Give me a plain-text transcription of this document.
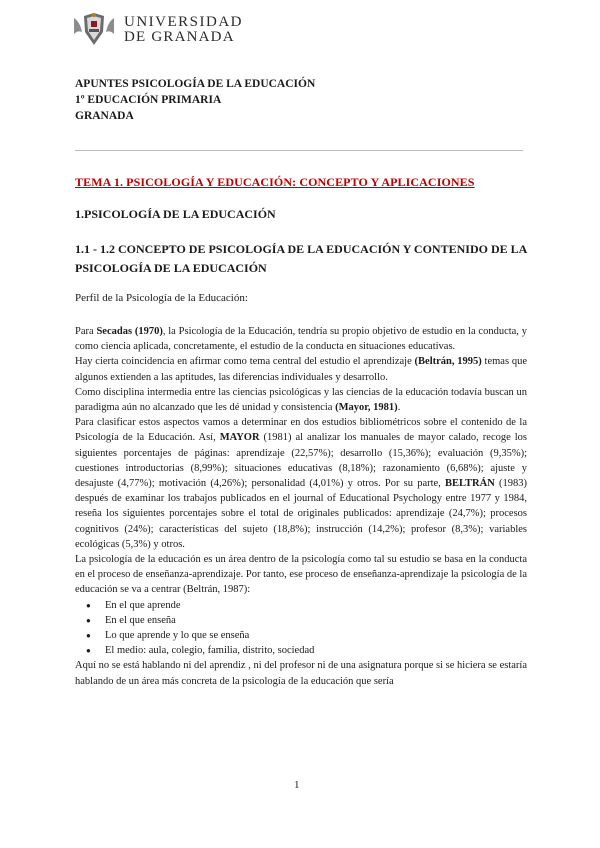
UNIVERSIDAD
DE GRANADA
APUNTES PSICOLOGÍA DE LA EDUCACIÓN
1º EDUCACIÓN PRIMARIA
GRANADA
TEMA 1. PSICOLOGÍA Y EDUCACIÓN: CONCEPTO Y APLICACIONES
1.PSICOLOGÍA DE LA EDUCACIÓN
1.1 - 1.2 CONCEPTO DE PSICOLOGÍA DE LA EDUCACIÓN Y CONTENIDO DE LA PSICOLOGÍA DE LA EDUCACIÓN
Perfil de la Psicología de la Educación:

Para Secadas (1970), la Psicología de la Educación, tendría su propio objetivo de estudio en la conducta, y como ciencia aplicada, concretamente, el estudio de la conducta en situaciones educativas.

Hay cierta coincidencia en afirmar como tema central del estudio el aprendizaje (Beltrán, 1995) temas que algunos extienden a las aptitudes, las diferencias individuales y desarrollo.

Como disciplina intermedia entre las ciencias psicológicas y las ciencias de la educación todavía buscan un paradigma aún no alcanzado que les dé unidad y consistencia (Mayor, 1981).

Para clasificar estos aspectos vamos a determinar en dos estudios bibliométricos sobre el contenido de la Psicología de la Educación. Así, MAYOR (1981) al analizar los manuales de mayor calado, recoge los siguientes porcentajes de páginas: aprendizaje (22,57%); desarrollo (15,36%); evaluación (9,35%); cuestiones introductorias (8,99%); situaciones educativas (8,18%); razonamiento (6,68%); ajuste y desajuste (4,77%); motivación (4,26%); personalidad (4,01%) y otros. Por su parte, BELTRÁN (1983) después de examinar los trabajos publicados en el journal of Educational Psychology entre 1977 y 1984, reseña los siguientes porcentajes sobre el total de originales publicados: aprendizaje (24,7%); procesos cognitivos (24%); características del sujeto (18,8%); instrucción (14,2%); profesor (8,3%); variables ecológicas (5,3%) y otros.

La psicología de la educación es un área dentro de la psicología como tal su estudio se basa en la conducta en el proceso de enseñanza-aprendizaje. Por tanto, ese proceso de enseñanza-aprendizaje la psicología de la educación se va a centrar (Beltrán, 1987):

● En el que aprende
● En el que enseña
● Lo que aprende y lo que se enseña
● El medio: aula, colegio, familia, distrito, sociedad

Aquí no se está hablando ni del aprendiz , ni del profesor ni de una asignatura porque si se hiciera se estaría hablando de un área más concreta de la psicología de la educación que sería

1
